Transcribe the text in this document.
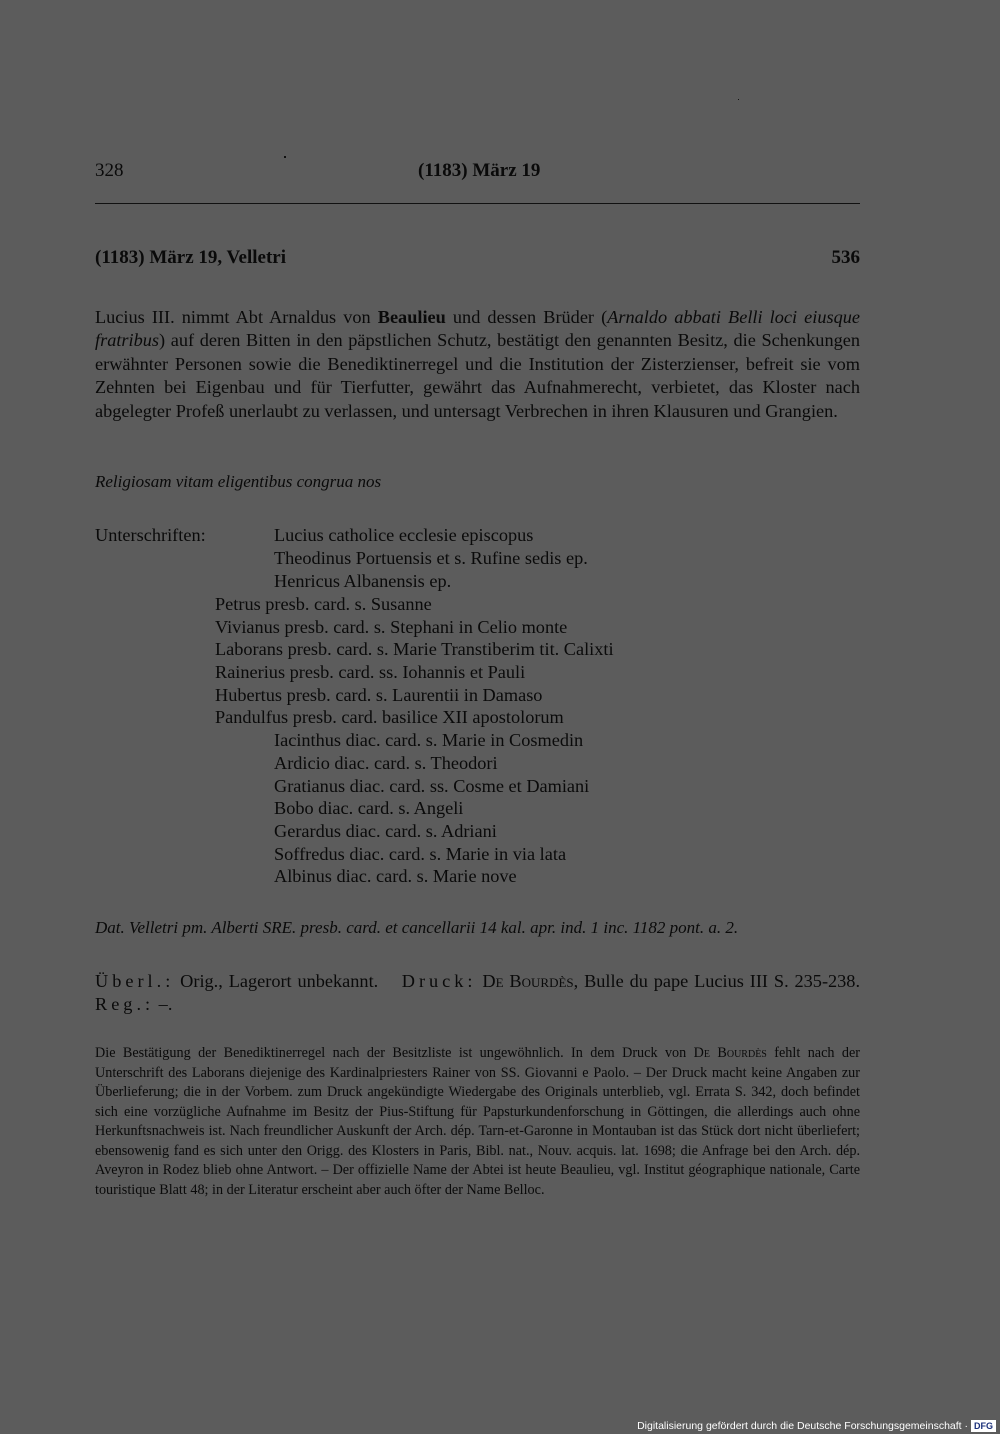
328	(1183) März 19
(1183) März 19, Velletri	536
Lucius III. nimmt Abt Arnaldus von Beaulieu und dessen Brüder (Arnaldo abbati Belli loci eiusque fratribus) auf deren Bitten in den päpstlichen Schutz, bestätigt den genannten Besitz, die Schenkungen erwähnter Personen sowie die Benediktinerregel und die Institution der Zisterzienser, befreit sie vom Zehnten bei Eigenbau und für Tierfutter, gewährt das Aufnahmerecht, verbietet, das Kloster nach abgelegter Profeß unerlaubt zu verlassen, und untersagt Verbrechen in ihren Klausuren und Grangien.
Religiosam vitam eligentibus congrua nos
Unterschriften:	Lucius catholice ecclesie episcopus
Theodinus Portuensis et s. Rufine sedis ep.
Henricus Albanensis ep.
Petrus presb. card. s. Susanne
Vivianus presb. card. s. Stephani in Celio monte
Laborans presb. card. s. Marie Transtiberim tit. Calixti
Rainerius presb. card. ss. Iohannis et Pauli
Hubertus presb. card. s. Laurentii in Damaso
Pandulfus presb. card. basilice XII apostolorum
Iacinthus diac. card. s. Marie in Cosmedin
Ardicio diac. card. s. Theodori
Gratianus diac. card. ss. Cosme et Damiani
Bobo diac. card. s. Angeli
Gerardus diac. card. s. Adriani
Soffredus diac. card. s. Marie in via lata
Albinus diac. card. s. Marie nove
Dat. Velletri pm. Alberti SRE. presb. card. et cancellarii 14 kal. apr. ind. 1 inc. 1182 pont. a. 2.
Überl.: Orig., Lagerort unbekannt. Druck: De Bourdès, Bulle du pape Lucius III S. 235-238. Reg.: –.
Die Bestätigung der Benediktinerregel nach der Besitzliste ist ungewöhnlich. In dem Druck von De Bourdès fehlt nach der Unterschrift des Laborans diejenige des Kardinalpriesters Rainer von SS. Giovanni e Paolo. – Der Druck macht keine Angaben zur Überlieferung; die in der Vorbem. zum Druck angekündigte Wiedergabe des Originals unterblieb, vgl. Errata S. 342, doch befindet sich eine vorzügliche Aufnahme im Besitz der Pius-Stiftung für Papsturkundenforschung in Göttingen, die allerdings auch ohne Herkunftsnachweis ist. Nach freundlicher Auskunft der Arch. dép. Tarn-et-Garonne in Montauban ist das Stück dort nicht überliefert; ebensowenig fand es sich unter den Origg. des Klosters in Paris, Bibl. nat., Nouv. acquis. lat. 1698; die Anfrage bei den Arch. dép. Aveyron in Rodez blieb ohne Antwort. – Der offizielle Name der Abtei ist heute Beaulieu, vgl. Institut géographique nationale, Carte touristique Blatt 48; in der Literatur erscheint aber auch öfter der Name Belloc.
Digitalisierung gefördert durch die Deutsche Forschungsgemeinschaft · DFG
